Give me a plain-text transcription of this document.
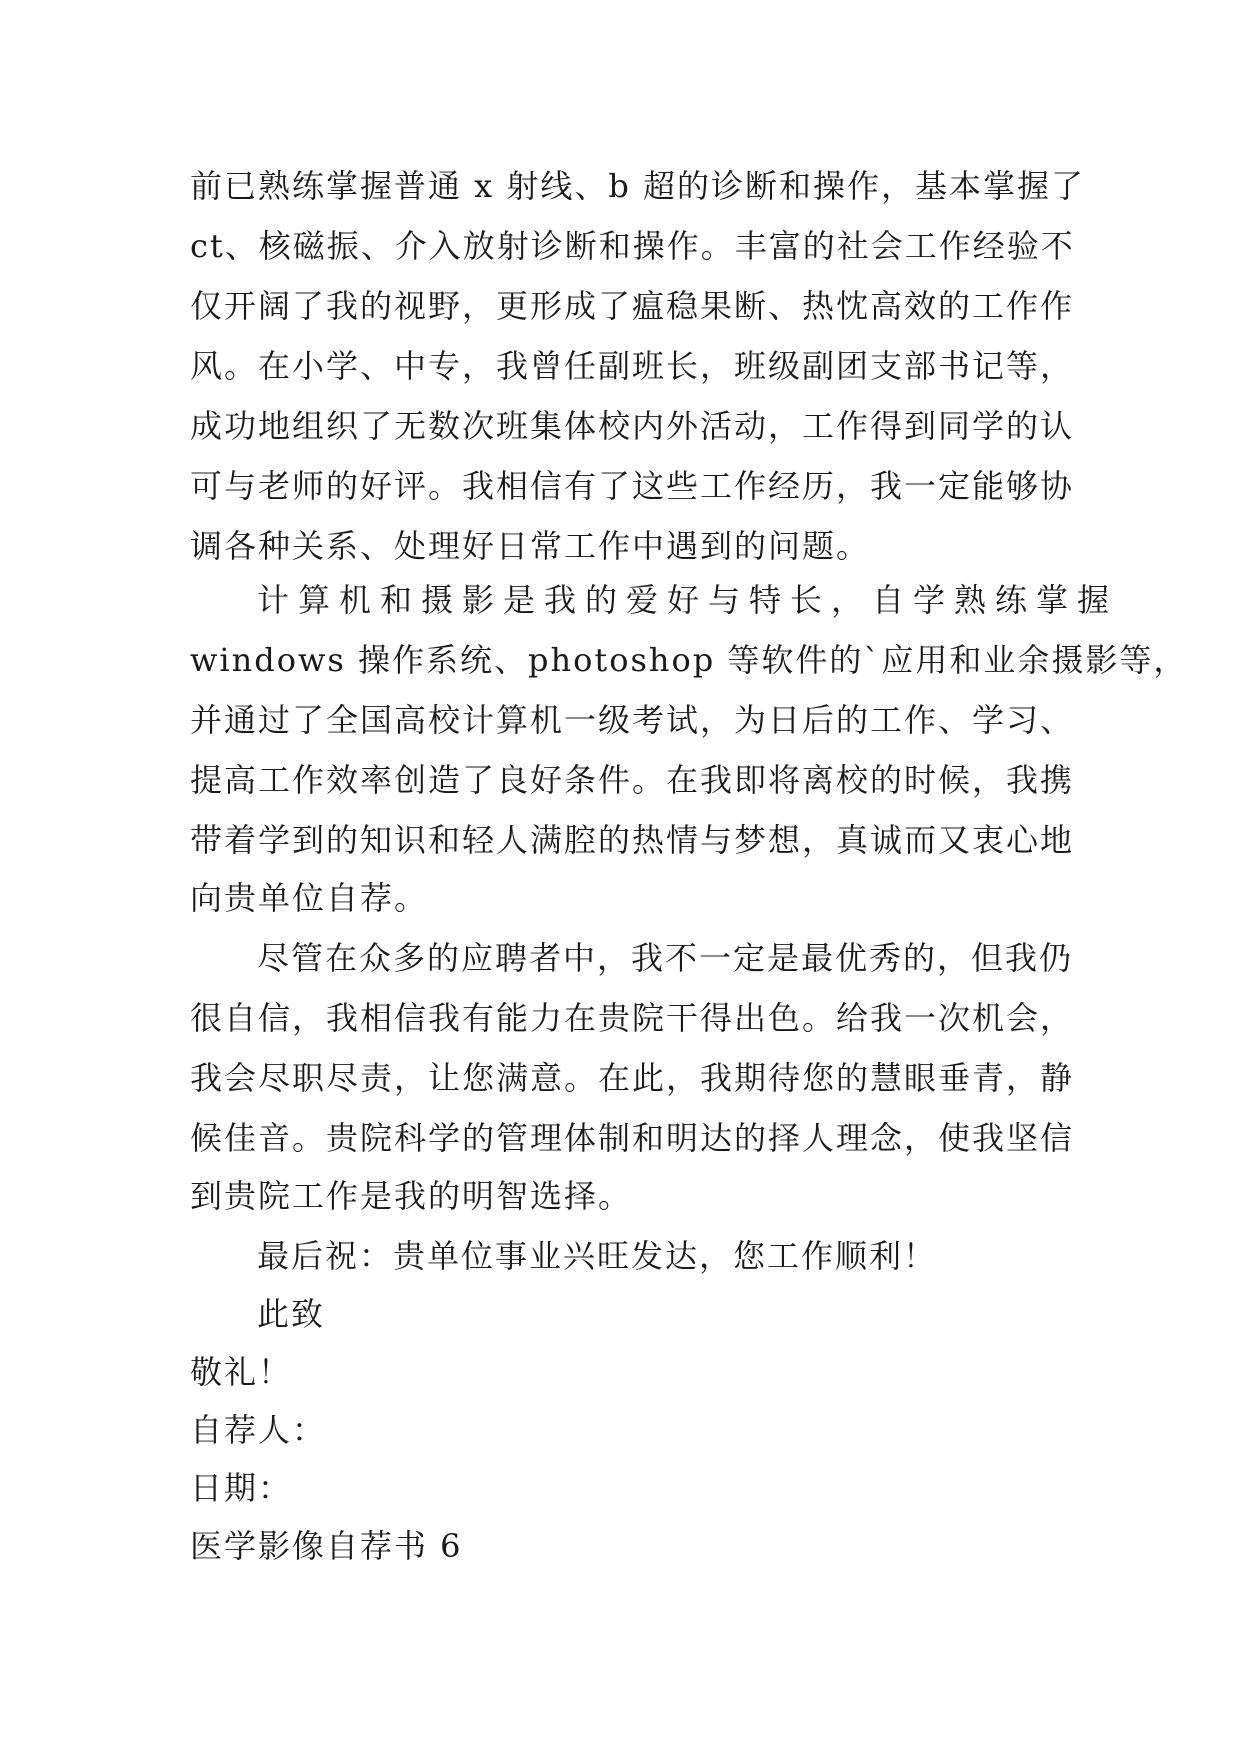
前已熟练掌握普通 x 射线、b 超的诊断和操作，基本掌握了
ct、核磁振、介入放射诊断和操作。丰富的社会工作经验不
仅开阔了我的视野，更形成了瘟稳果断、热忱高效的工作作
风。在小学、中专，我曾任副班长，班级副团支部书记等，
成功地组织了无数次班集体校内外活动，工作得到同学的认
可与老师的好评。我相信有了这些工作经历，我一定能够协
调各种关系、处理好日常工作中遇到的问题。
计算机和摄影是我的爱好与特长，自学熟练掌握
windows 操作系统、photoshop 等软件的`应用和业余摄影等，
并通过了全国高校计算机一级考试，为日后的工作、学习、
提高工作效率创造了良好条件。在我即将离校的时候，我携
带着学到的知识和轻人满腔的热情与梦想，真诚而又衷心地
向贵单位自荐。
尽管在众多的应聘者中，我不一定是最优秀的，但我仍
很自信，我相信我有能力在贵院干得出色。给我一次机会，
我会尽职尽责，让您满意。在此，我期待您的慧眼垂青，静
候佳音。贵院科学的管理体制和明达的择人理念，使我坚信
到贵院工作是我的明智选择。
最后祝：贵单位事业兴旺发达，您工作顺利！
此致
敬礼！
自荐人：
日期：
医学影像自荐书 6
